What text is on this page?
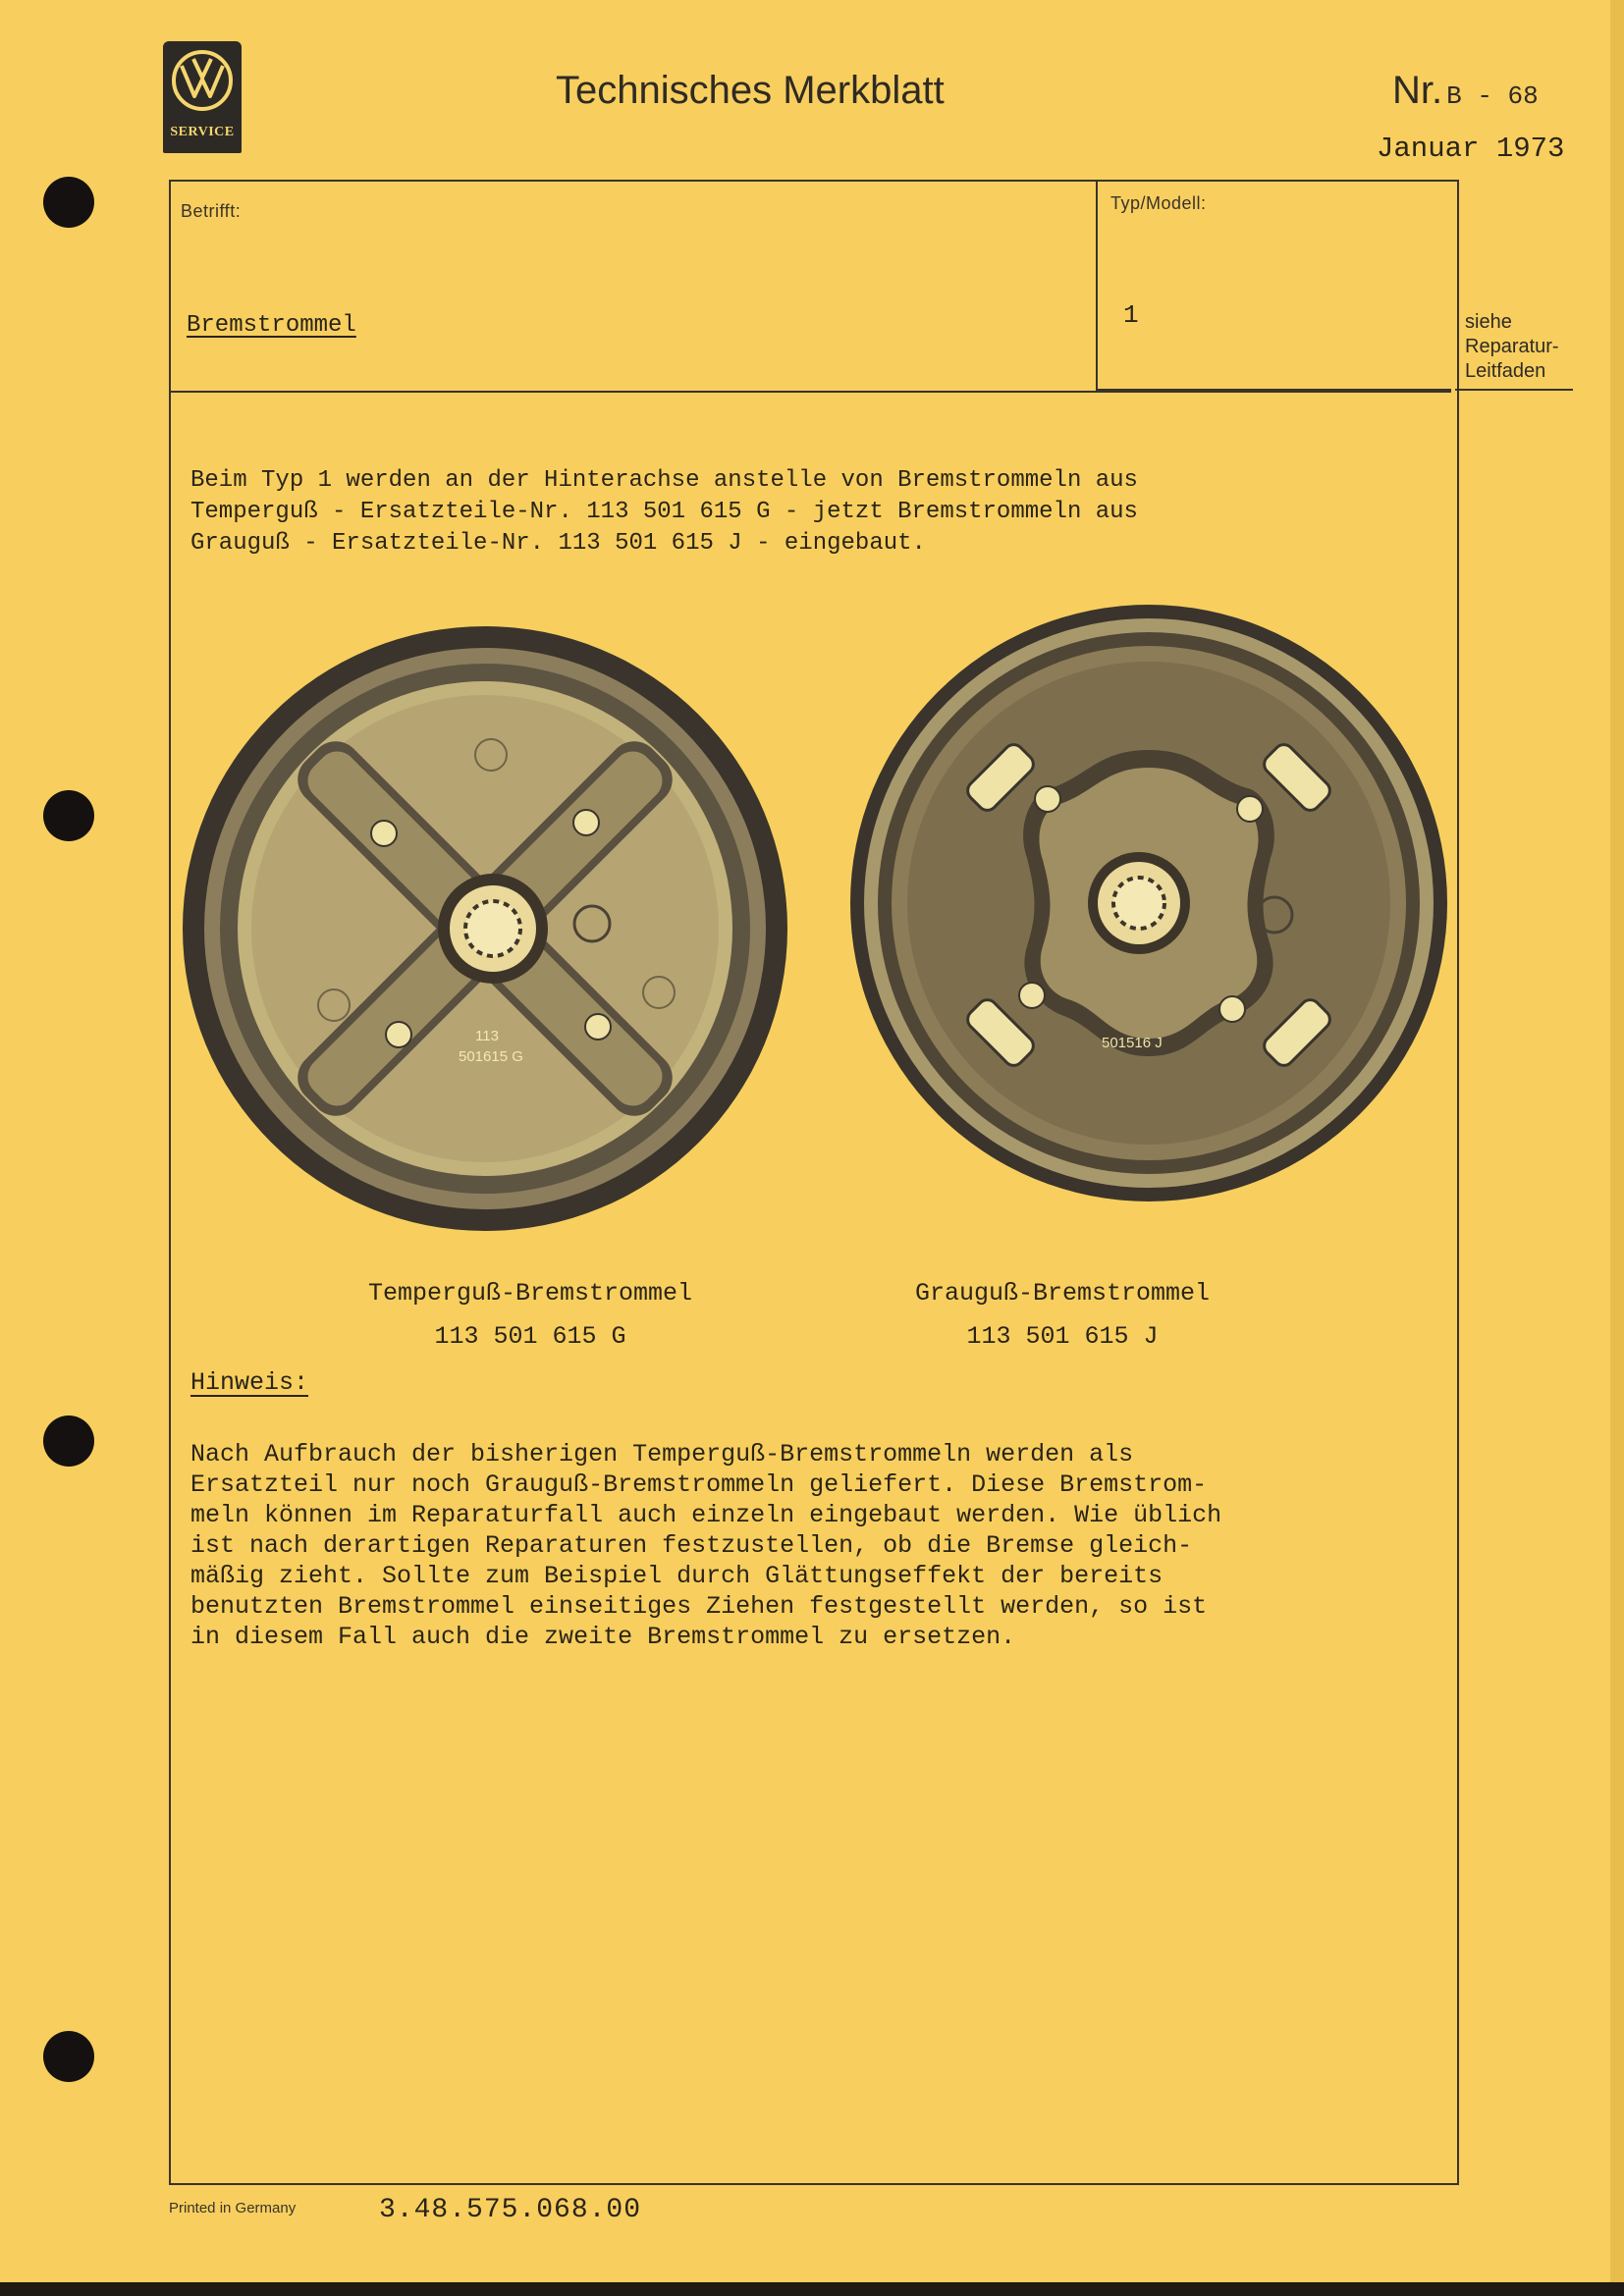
SERVICE
Technisches Merkblatt	Nr. B - 68
Januar 1973
Betrifft:
Bremstrommel
Typ/Modell:
1	siehe
Reparatur-
Leitfaden
Beim Typ 1 werden an der Hinterachse anstelle von Bremstrommeln aus
Temperguß - Ersatzteile-Nr. 113 501 615 G - jetzt Bremstrommeln aus
Grauguß - Ersatzteile-Nr. 113 501 615 J - eingebaut.
113
501615 G
501516 J
Temperguß-Bremstrommel
113 501 615 G
Grauguß-Bremstrommel
113 501 615 J
Hinweis:
Nach Aufbrauch der bisherigen Temperguß-Bremstrommeln werden als
Ersatzteil nur noch Grauguß-Bremstrommeln geliefert. Diese Bremstrom-
meln können im Reparaturfall auch einzeln eingebaut werden. Wie üblich
ist nach derartigen Reparaturen festzustellen, ob die Bremse gleich-
mäßig zieht. Sollte zum Beispiel durch Glättungseffekt der bereits
benutzten Bremstrommel einseitiges Ziehen festgestellt werden, so ist
in diesem Fall auch die zweite Bremstrommel zu ersetzen.
Printed in Germany	3.48.575.068.00
